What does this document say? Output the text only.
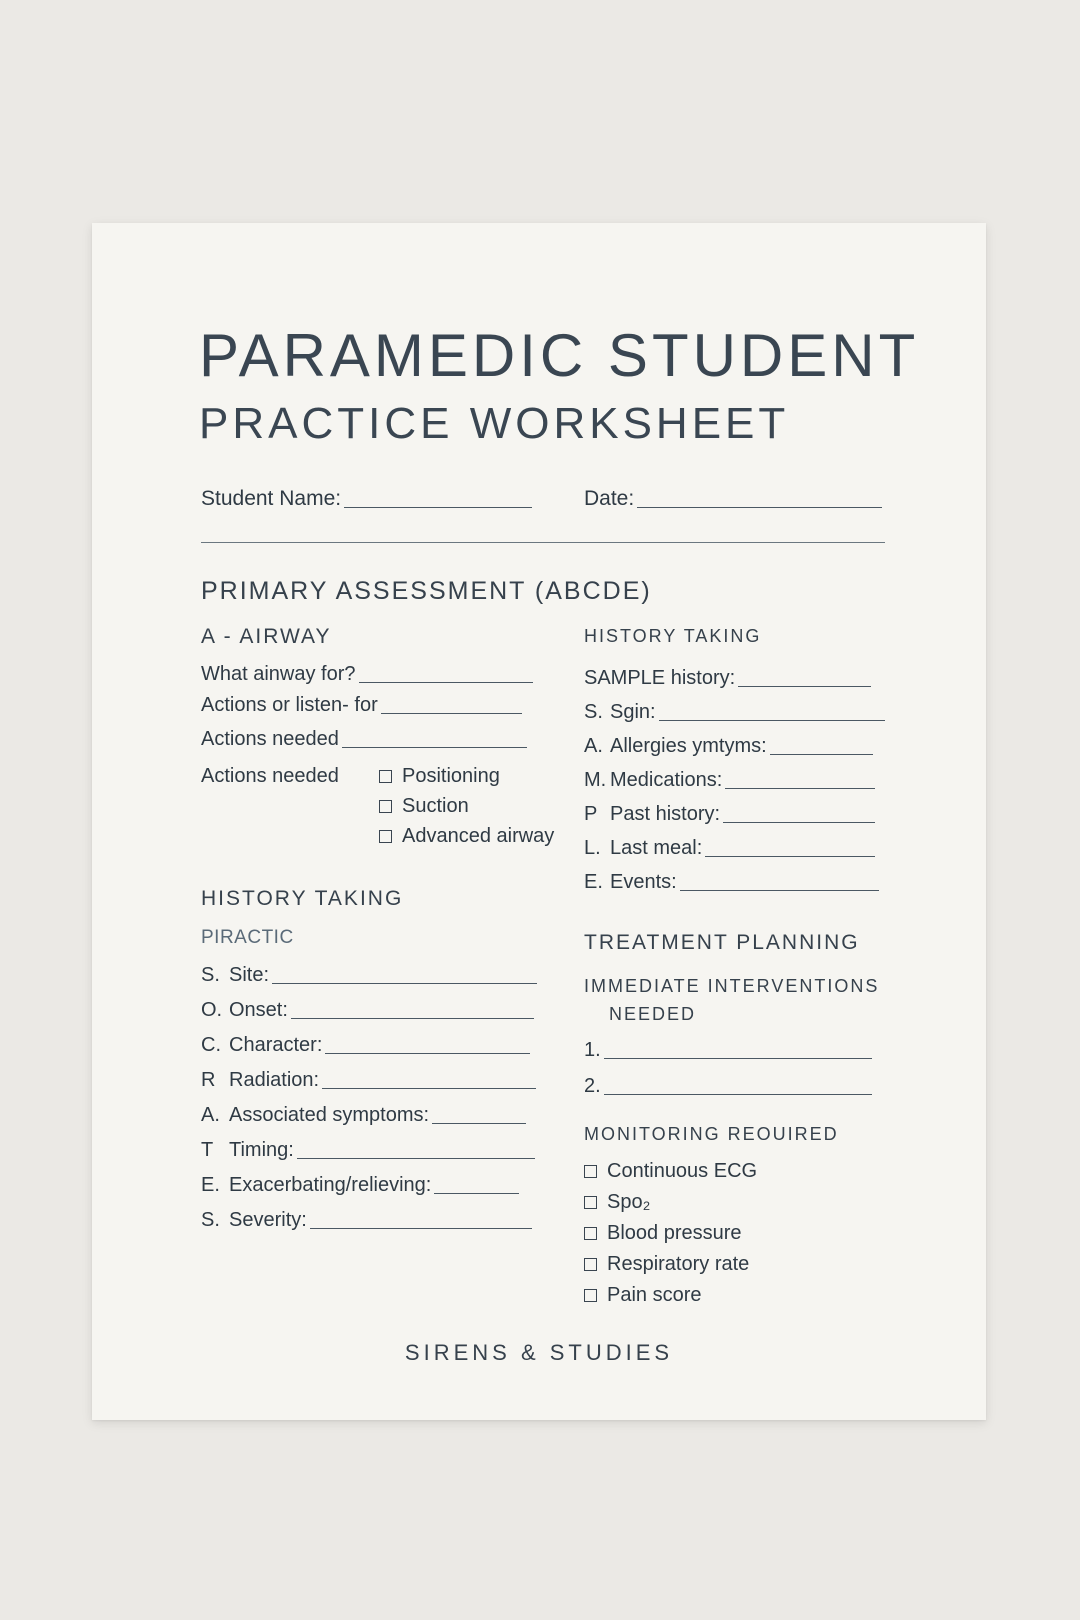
PARAMEDIC STUDENT
PRACTICE WORKSHEET
Student Name:	Date:
PRIMARY ASSESSMENT (ABCDE)
A - AIRWAY
What ainway for?
Actions or listen- for
Actions needed
Actions needed	Positioning
Suction
Advanced airway
HISTORY TAKING
PIRACTIC
HISTORY TAKING
SAMPLE history:
TREATMENT PLANNING
IMMEDIATE INTERVENTIONS
NEEDED
1.
2.
MONITORING REOUIRED
SIRENS & STUDIES
S. Site:
O. Onset:
C. Character:
R Radiation:
A. Associated symptoms:
T Timing:
E. Exacerbating/relieving:
S. Severity:
S. Sgin:
A. Allergies ymtyms:
M. Medications:
P Past history:
L. Last meal:
E. Events:
Continuous ECG
Spo₂
Blood pressure
Respiratory rate
Pain score
